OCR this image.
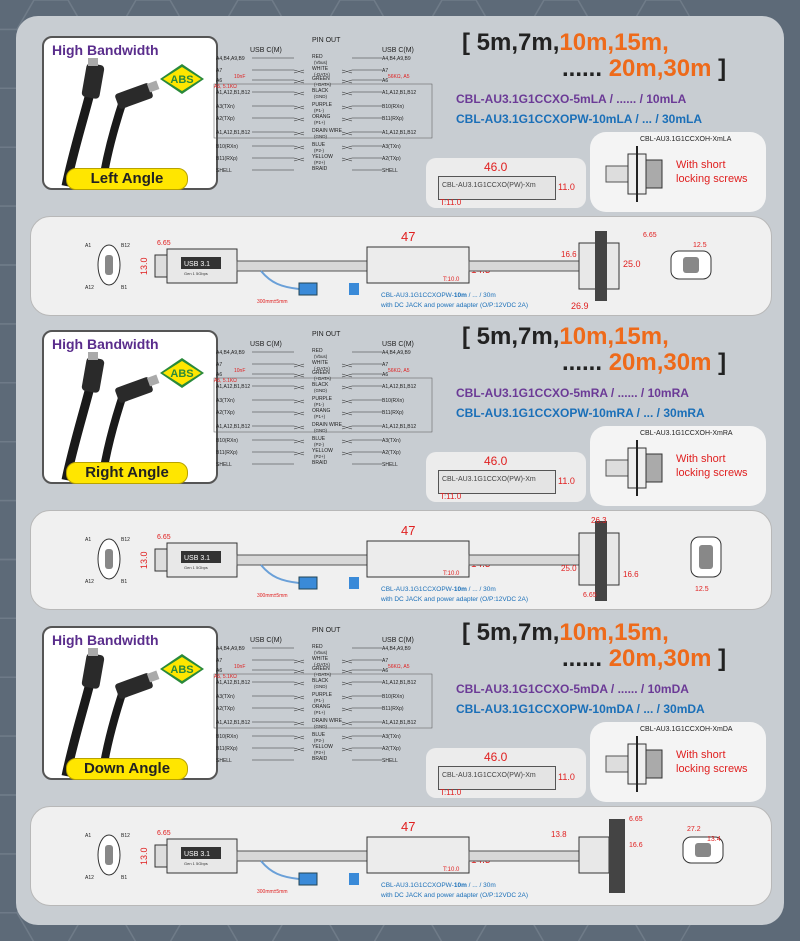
High Bandwidth
ABS
Left Angle
PIN OUT
USB C(M)	USB C(M)
A4,B4,A9,B9	A4,B4,A9,B9
RED
(Vbus)
A7	A7
WHITE
(-DATA)
A6	A6
GREEN
(+DATA)
A1,A12,B1,B12	A1,A12,B1,B12
BLACK
(GND)
A3(TXn)	B10(RXn)
PURPLE
(P1-)
A2(TXp)	B11(RXp)
ORANG
(P1+)
A1,A12,B1,B12	A1,A12,B1,B12
DRAIN WIRE
(GND)
B10(RXn)	A3(TXn)
BLUE
(P2-)
B11(RXp)	A2(TXp)
YELLOW
(P2+)
SHELL	SHELL
BRAID
10nF
A5, 5.1KΩ
56KΩ, A5
[ 5m,7m,10m,15m,
...... 20m,30m ]
CBL-AU3.1G1CCXO-5mLA / ...... / 10mLA
CBL-AU3.1G1CCXOPW-10mLA / ... / 30mLA
CBL-AU3.1G1CCXO(PW)-Xm
46.0
11.0
T:11.0
CBL-AU3.1G1CCXOH-XmLA
With short
locking screws
A1	B12
A12	B1
USB 3.1
Gen 1 5Gbps
6.65
13.0
300mm±5mm
47
T:10.0
CBL-AU3.1G1CCXOPW-10m / ... / 30m
with DC JACK and power adapter (O/P:12VDC 2A)
6.65
16.6
25.0
26.9
12.5
High Bandwidth
ABS
Right Angle
PIN OUT
USB C(M)	USB C(M)
A4,B4,A9,B9	A4,B4,A9,B9
RED
(Vbus)
A7	A7
WHITE
(-DATA)
A6	A6
GREEN
(+DATA)
A1,A12,B1,B12	A1,A12,B1,B12
BLACK
(GND)
A3(TXn)	B10(RXn)
PURPLE
(P1-)
A2(TXp)	B11(RXp)
ORANG
(P1+)
A1,A12,B1,B12	A1,A12,B1,B12
DRAIN WIRE
(GND)
B10(RXn)	A3(TXn)
BLUE
(P2-)
B11(RXp)	A2(TXp)
YELLOW
(P2+)
SHELL	SHELL
BRAID
10nF
A5, 5.1KΩ
56KΩ, A5
[ 5m,7m,10m,15m,
...... 20m,30m ]
CBL-AU3.1G1CCXO-5mRA / ...... / 10mRA
CBL-AU3.1G1CCXOPW-10mRA / ... / 30mRA
CBL-AU3.1G1CCXO(PW)-Xm
46.0
11.0
T:11.0
CBL-AU3.1G1CCXOH-XmRA
With short
locking screws
A1	B12
A12	B1
USB 3.1
Gen 1 5Gbps
6.65
13.0
300mm±5mm
47
T:10.0
CBL-AU3.1G1CCXOPW-10m / ... / 30m
with DC JACK and power adapter (O/P:12VDC 2A)
26.3
25.0
16.6
6.65
12.5
High Bandwidth
ABS
Down Angle
PIN OUT
USB C(M)	USB C(M)
A4,B4,A9,B9	A4,B4,A9,B9
RED
(Vbus)
A7	A7
WHITE
(-DATA)
A6	A6
GREEN
(+DATA)
A1,A12,B1,B12	A1,A12,B1,B12
BLACK
(GND)
A3(TXn)	B10(RXn)
PURPLE
(P1-)
A2(TXp)	B11(RXp)
ORANG
(P1+)
A1,A12,B1,B12	A1,A12,B1,B12
DRAIN WIRE
(GND)
B10(RXn)	A3(TXn)
BLUE
(P2-)
B11(RXp)	A2(TXp)
YELLOW
(P2+)
SHELL	SHELL
BRAID
10nF
A5, 5.1KΩ
56KΩ, A5
[ 5m,7m,10m,15m,
...... 20m,30m ]
CBL-AU3.1G1CCXO-5mDA / ...... / 10mDA
CBL-AU3.1G1CCXOPW-10mDA / ... / 30mDA
CBL-AU3.1G1CCXO(PW)-Xm
46.0
11.0
T:11.0
CBL-AU3.1G1CCXOH-XmDA
With short
locking screws
A1	B12
A12	B1
USB 3.1
Gen 1 5Gbps
6.65
13.0
300mm±5mm
47
T:10.0
CBL-AU3.1G1CCXOPW-10m / ... / 30m
with DC JACK and power adapter (O/P:12VDC 2A)
13.8
6.65
16.6
27.2
13.4
